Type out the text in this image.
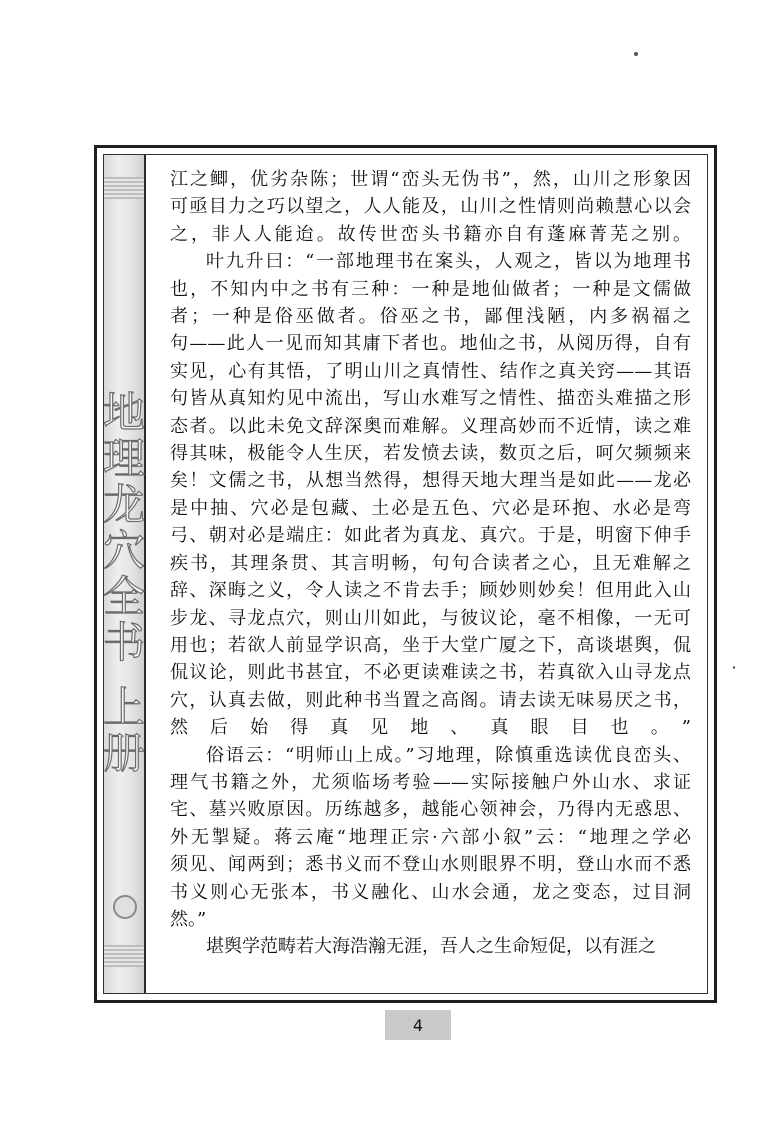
地
理
龙
穴
全
书
上
册

江之鲫，优劣杂陈；世谓“峦头无伪书”，然，山川之形象因

可亟目力之巧以望之，人人能及，山川之性情则尚赖慧心以会

之，非人人能迨。故传世峦头书籍亦自有蓬麻菁芜之别。

叶九升曰：“一部地理书在案头，人观之，皆以为地理书

也，不知内中之书有三种：一种是地仙做者；一种是文儒做

者；一种是俗巫做者。俗巫之书，鄙俚浅陋，内多祸福之

句——此人一见而知其庸下者也。地仙之书，从阅历得，自有

实见，心有其悟，了明山川之真情性、结作之真关窍——其语

句皆从真知灼见中流出，写山水难写之情性、描峦头难描之形

态者。以此未免文辞深奥而难解。义理高妙而不近情，读之难

得其味，极能令人生厌，若发愤去读，数页之后，呵欠频频来

矣！文儒之书，从想当然得，想得天地大理当是如此——龙必

是中抽、穴必是包藏、土必是五色、穴必是环抱、水必是弯

弓、朝对必是端庄：如此者为真龙、真穴。于是，明窗下伸手

疾书，其理条贯、其言明畅，句句合读者之心，且无难解之

辞、深晦之义，令人读之不肯去手；顾妙则妙矣！但用此入山

步龙、寻龙点穴，则山川如此，与彼议论，毫不相像，一无可

用也；若欲人前显学识高，坐于大堂广厦之下，高谈堪舆，侃

侃议论，则此书甚宜，不必更读难读之书，若真欲入山寻龙点

穴，认真去做，则此种书当置之高阁。请去读无味易厌之书，

然后始得真见地、真眼目也。”

俗语云：“明师山上成。”习地理，除慎重选读优良峦头、

理气书籍之外，尤须临场考验——实际接触户外山水、求证

宅、墓兴败原因。历练越多，越能心领神会，乃得内无惑思、

外无掣疑。蒋云庵“地理正宗·六部小叙”云：“地理之学必

须见、闻两到；悉书义而不登山水则眼界不明，登山水而不悉

书义则心无张本，书义融化、山水会通，龙之变态，过目洞

然。”

堪舆学范畴若大海浩瀚无涯，吾人之生命短促，以有涯之

4
